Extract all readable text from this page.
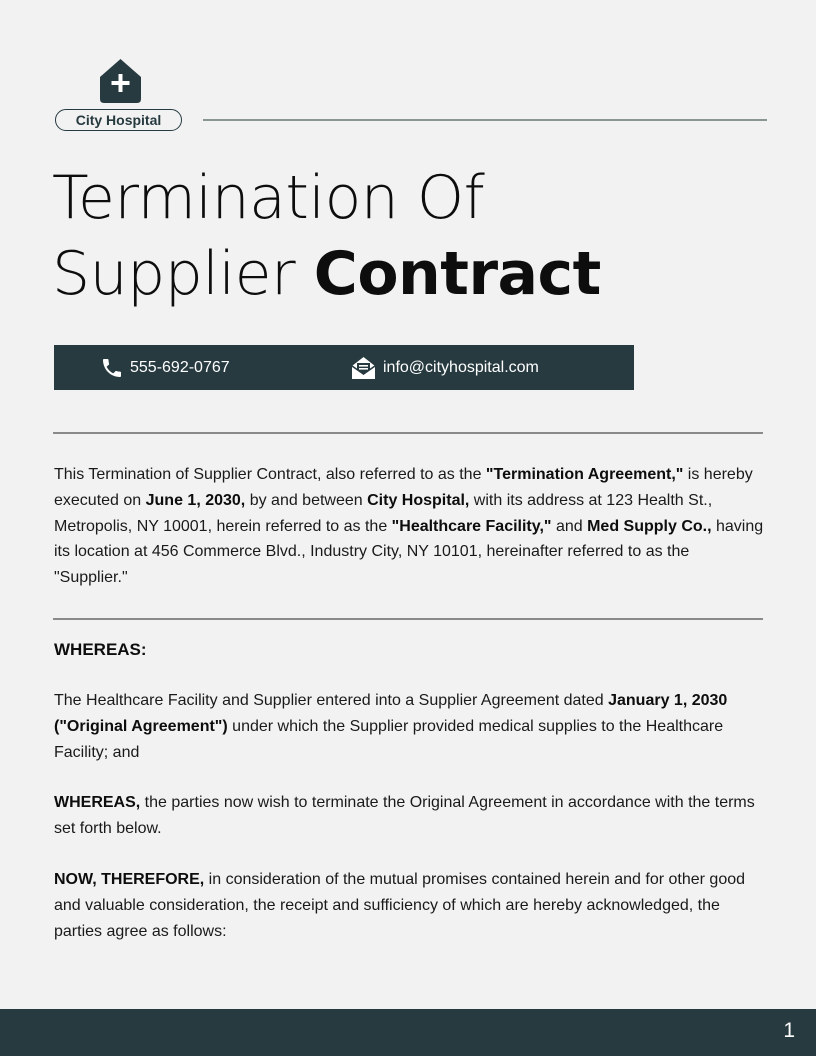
City Hospital
Termination Of
Supplier Contract
555-692-0767	info@cityhospital.com

This Termination of Supplier Contract, also referred to as the "Termination Agreement," is hereby executed on June 1, 2030, by and between City Hospital, with its address at 123 Health St., Metropolis, NY 10001, herein referred to as the "Healthcare Facility," and Med Supply Co., having its location at 456 Commerce Blvd., Industry City, NY 10101, hereinafter referred to as the "Supplier."

WHEREAS:

The Healthcare Facility and Supplier entered into a Supplier Agreement dated January 1, 2030 ("Original Agreement") under which the Supplier provided medical supplies to the Healthcare Facility; and

WHEREAS, the parties now wish to terminate the Original Agreement in accordance with the terms set forth below.

NOW, THEREFORE, in consideration of the mutual promises contained herein and for other good and valuable consideration, the receipt and sufficiency of which are hereby acknowledged, the parties agree as follows:

1
